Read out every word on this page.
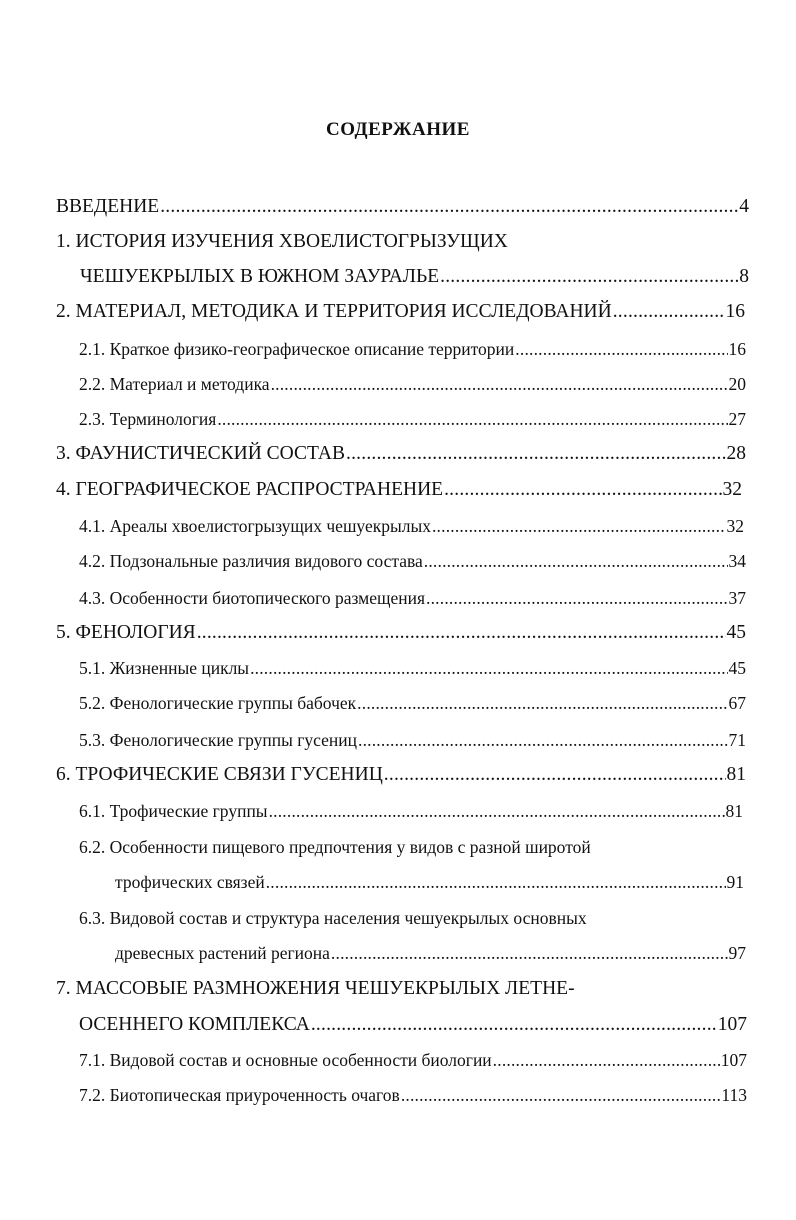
СОДЕРЖАНИЕ
ВВЕДЕНИЕ .....	4
1. ИСТОРИЯ ИЗУЧЕНИЯ ХВОЕЛИСТОГРЫЗУЩИХ
ЧЕШУЕКРЫЛЫХ В ЮЖНОМ ЗАУРАЛЬЕ .....	8
2. МАТЕРИАЛ, МЕТОДИКА И ТЕРРИТОРИЯ ИССЛЕДОВАНИЙ .....	16
2.1. Краткое физико-географическое описание территории .....	16
2.2. Материал и методика .....	20
2.3. Терминология .....	27
3. ФАУНИСТИЧЕСКИЙ СОСТАВ .....	28
4. ГЕОГРАФИЧЕСКОЕ РАСПРОСТРАНЕНИЕ .....	32
4.1. Ареалы хвоелистогрызущих чешуекрылых .....	32
4.2. Подзональные различия видового состава .....	34
4.3. Особенности биотопического размещения .....	37
5. ФЕНОЛОГИЯ .....	45
5.1. Жизненные циклы .....	45
5.2. Фенологические группы бабочек .....	67
5.3. Фенологические группы гусениц .....	71
6. ТРОФИЧЕСКИЕ СВЯЗИ ГУСЕНИЦ .....	81
6.1. Трофические группы .....	81
6.2. Особенности пищевого предпочтения у видов с разной широтой
трофических связей .....	91
6.3. Видовой состав и структура населения чешуекрылых основных
древесных растений региона .....	97
7. МАССОВЫЕ РАЗМНОЖЕНИЯ ЧЕШУЕКРЫЛЫХ ЛЕТНЕ-
ОСЕННЕГО КОМПЛЕКСА .....	107
7.1. Видовой состав и основные особенности биологии .....	107
7.2. Биотопическая приуроченность очагов .....	113
